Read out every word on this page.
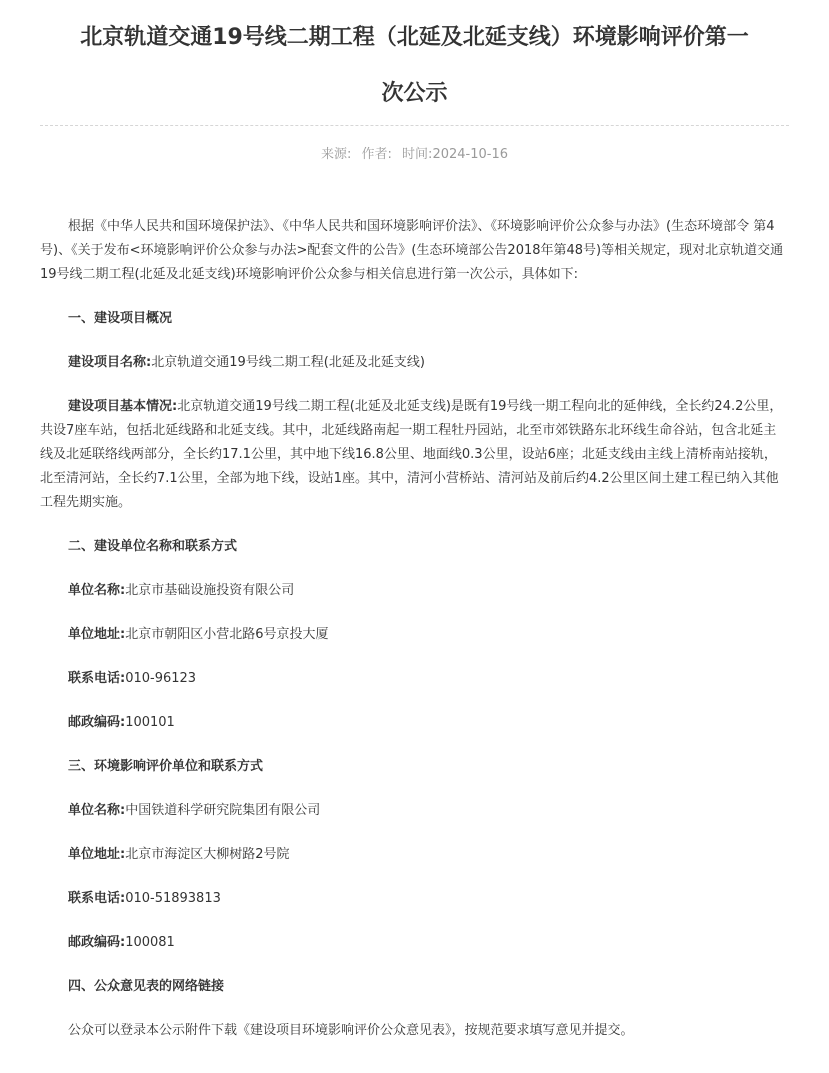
北京轨道交通19号线二期工程（北延及北延支线）环境影响评价第一
次公示
来源: 作者: 时间:2024-10-16

根据《中华人民共和国环境保护法》、《中华人民共和国环境影响评价法》、《环境影响评价公众参与办法》(生态环境部令 第4号)、《关于发布<环境影响评价公众参与办法>配套文件的公告》(生态环境部公告2018年第48号)等相关规定，现对北京轨道交通19号线二期工程(北延及北延支线)环境影响评价公众参与相关信息进行第一次公示，具体如下:

一、建设项目概况

建设项目名称:北京轨道交通19号线二期工程(北延及北延支线)

建设项目基本情况:北京轨道交通19号线二期工程(北延及北延支线)是既有19号线一期工程向北的延伸线，全长约24.2公里，共设7座车站，包括北延线路和北延支线。其中，北延线路南起一期工程牡丹园站，北至市郊铁路东北环线生命谷站，包含北延主线及北延联络线两部分，全长约17.1公里，其中地下线16.8公里、地面线0.3公里，设站6座；北延支线由主线上清桥南站接轨，北至清河站，全长约7.1公里，全部为地下线，设站1座。其中，清河小营桥站、清河站及前后约4.2公里区间土建工程已纳入其他工程先期实施。

二、建设单位名称和联系方式

单位名称:北京市基础设施投资有限公司

单位地址:北京市朝阳区小营北路6号京投大厦

联系电话:010-96123

邮政编码:100101

三、环境影响评价单位和联系方式

单位名称:中国铁道科学研究院集团有限公司

单位地址:北京市海淀区大柳树路2号院

联系电话:010-51893813

邮政编码:100081

四、公众意见表的网络链接

公众可以登录本公示附件下载《建设项目环境影响评价公众意见表》，按规范要求填写意见并提交。
